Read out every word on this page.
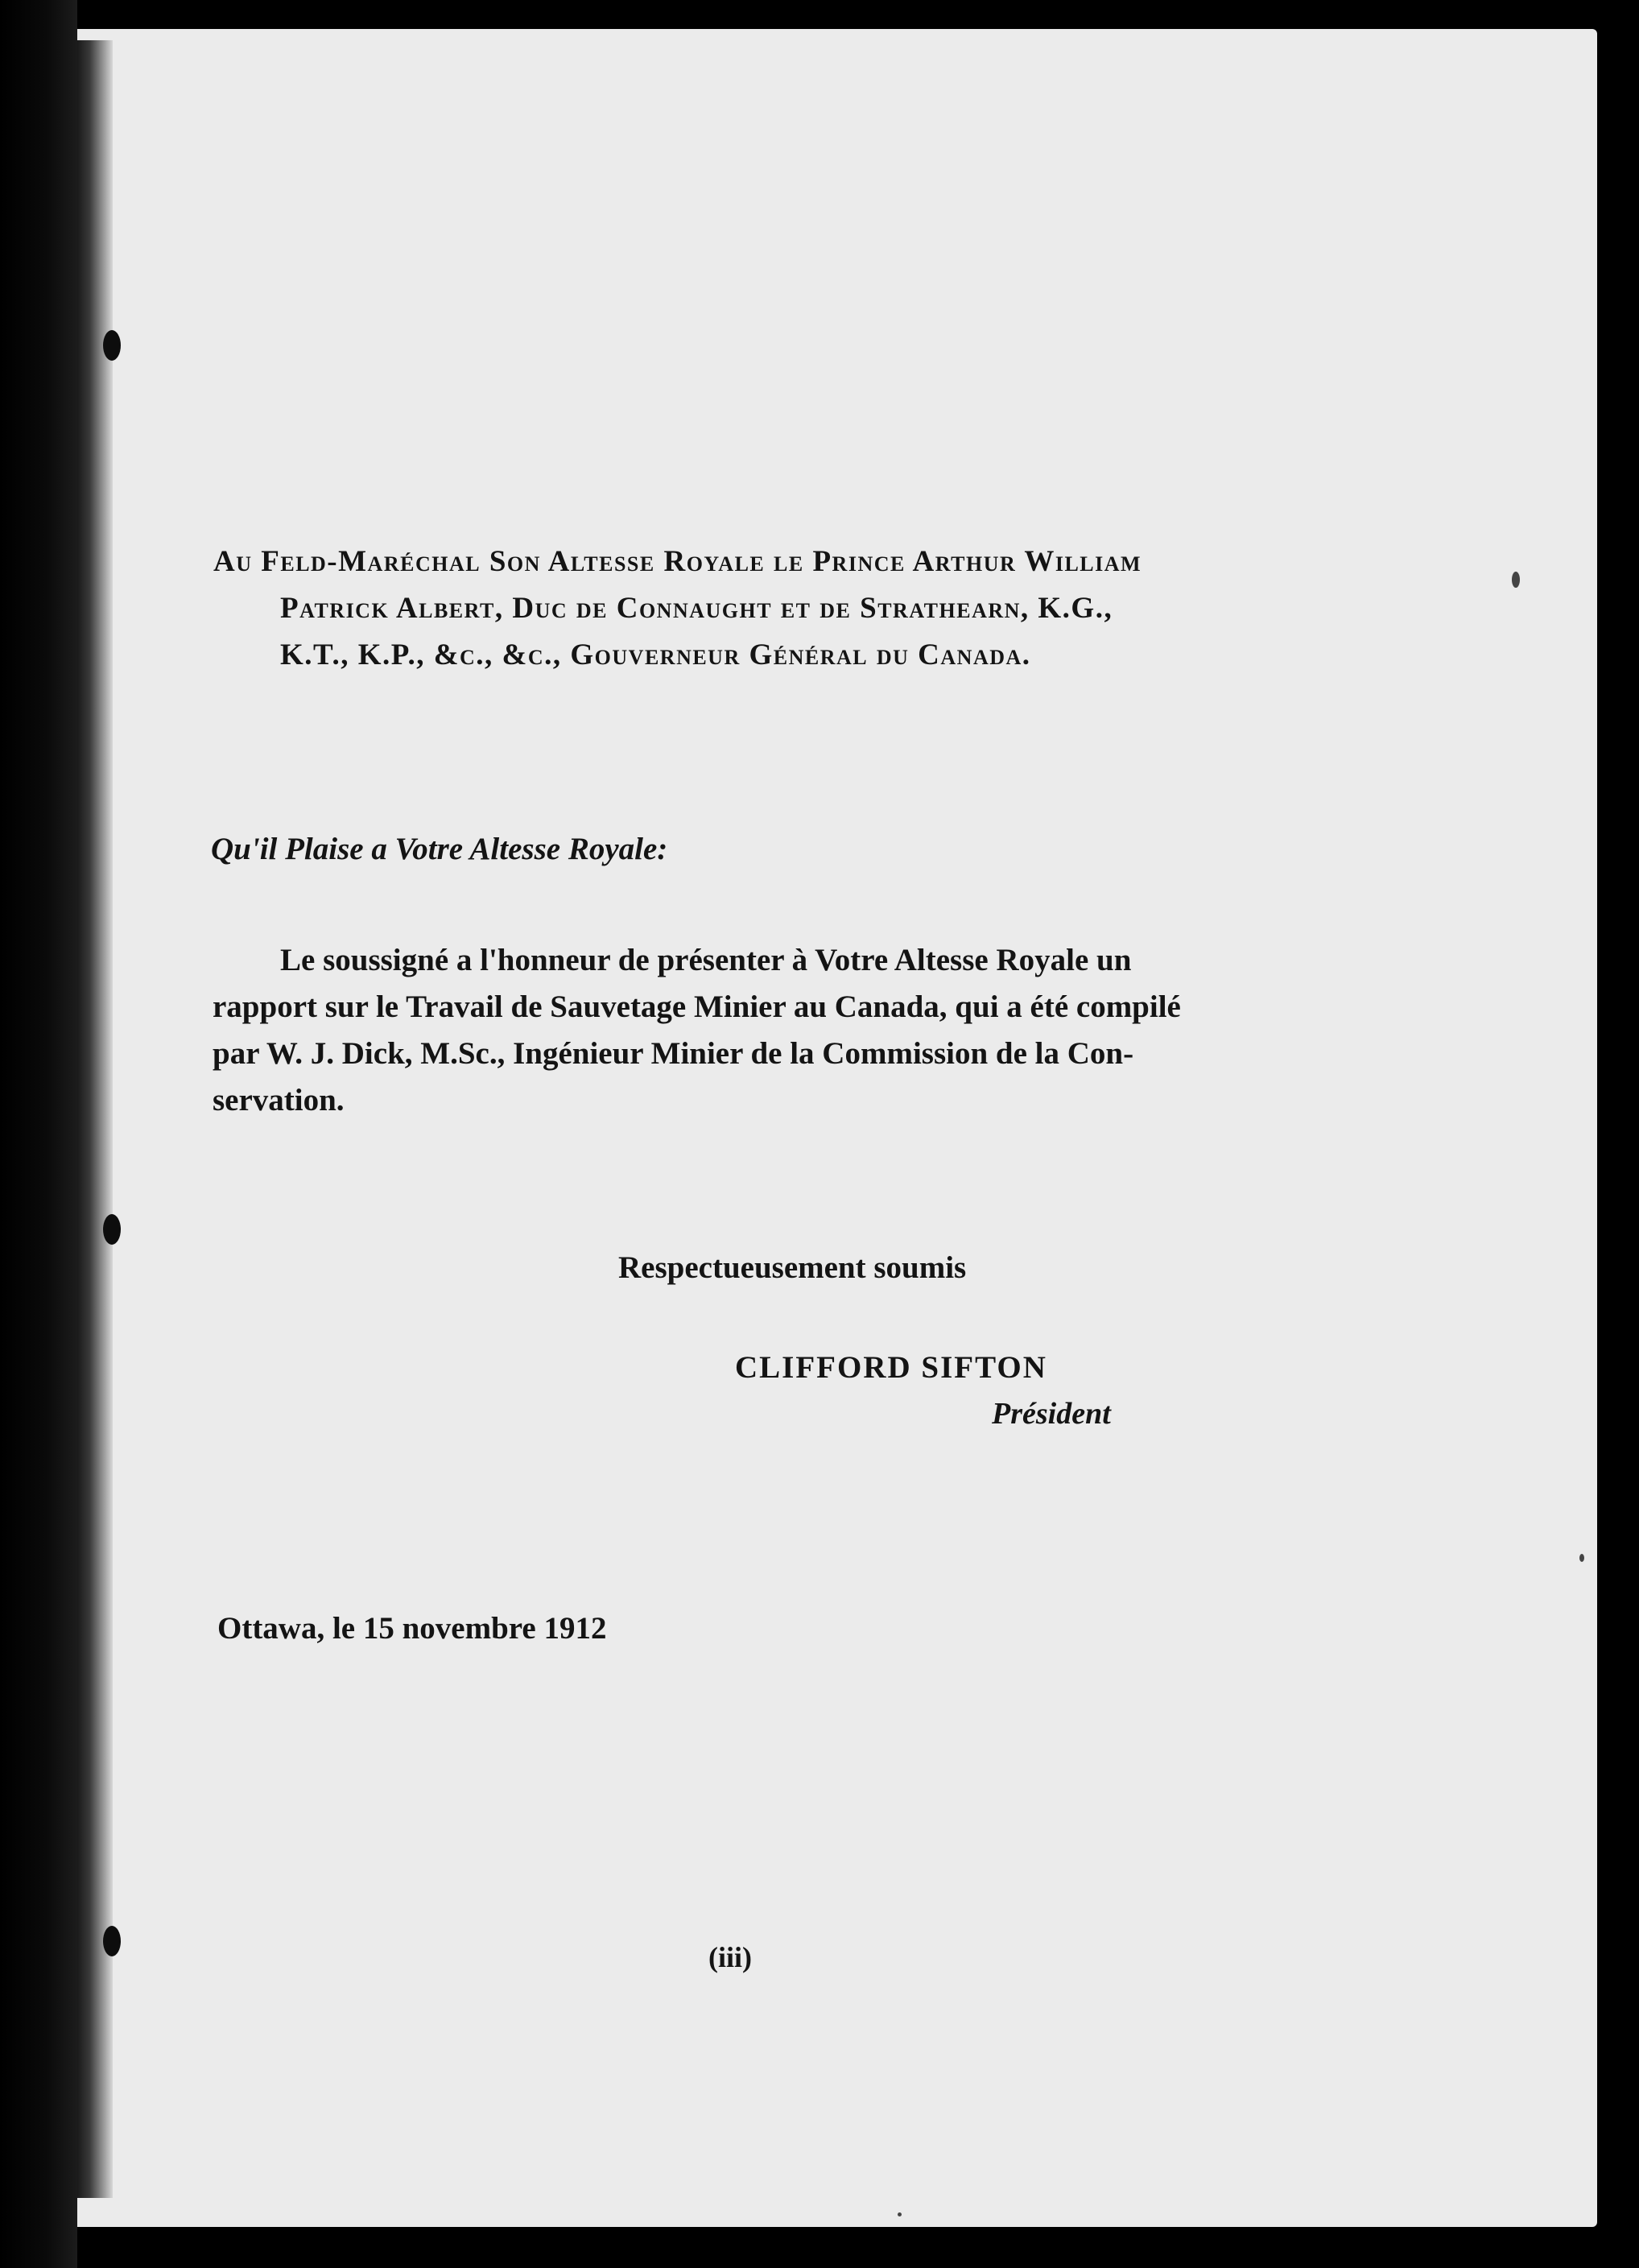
Au Feld-Maréchal Son Altesse Royale le Prince Arthur William
Patrick Albert, Duc de Connaught et de Strathearn, K.G.,
K.T., K.P., &c., &c., Gouverneur Général du Canada.
Qu'il Plaise a Votre Altesse Royale:
Le soussigné a l'honneur de présenter à Votre Altesse Royale un
rapport sur le Travail de Sauvetage Minier au Canada, qui a été compilé
par W. J. Dick, M.Sc., Ingénieur Minier de la Commission de la Con-
servation.
Respectueusement soumis
CLIFFORD SIFTON
Président
Ottawa, le 15 novembre 1912
(iii)
